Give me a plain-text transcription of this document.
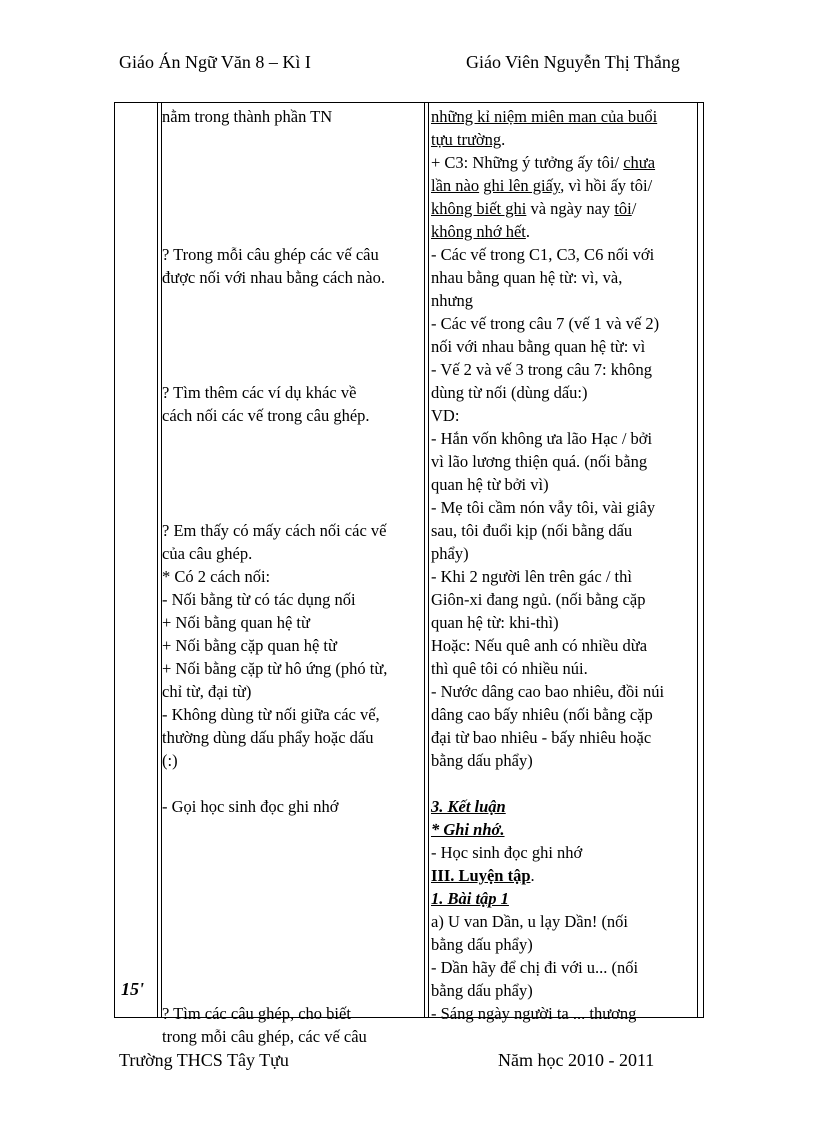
Giáo Án Ngữ Văn 8 – Kì I	Giáo Viên Nguyễn Thị Thắng
15'

nằm trong thành phần TN

? Trong mỗi câu ghép các vế câu

được nối với nhau bằng cách nào.

? Tìm thêm các ví dụ khác về

cách nối các vế trong câu ghép.

? Em thấy có mấy cách nối các vế

của câu ghép.

* Có 2 cách nối:

- Nối bằng từ có tác dụng nối

+ Nối bằng quan hệ từ

+ Nối bằng cặp quan hệ từ

+ Nối bằng cặp từ hô ứng (phó từ,

chỉ từ, đại từ)

- Không dùng từ nối giữa các vế,

thường dùng dấu phẩy hoặc dấu

(:)

- Gọi học sinh đọc ghi nhớ

? Tìm các câu ghép, cho biết

trong mỗi câu ghép, các vế câu

những kỉ niệm miên man của buổi

tựu trường.

+ C3: Những ý tưởng ấy tôi/ chưa

lần nào ghi lên giấy, vì hồi ấy tôi/

không biết ghi và ngày nay tôi/

không nhớ hết.

- Các vế trong C1, C3, C6 nối với

nhau bằng quan hệ từ: vì, và,

nhưng

- Các vế trong câu 7 (vế 1 và vế 2)

nối với nhau bằng quan hệ từ: vì

- Vế 2 và vế 3 trong câu 7: không

dùng từ nối (dùng dấu:)

VD:

- Hắn vốn không ưa lão Hạc / bởi

vì lão lương thiện quá. (nối bằng

quan hệ từ bởi vì)

- Mẹ tôi cầm nón vẫy tôi, vài giây

sau, tôi đuổi kịp (nối bằng dấu

phẩy)

- Khi 2 người lên trên gác / thì

Giôn-xi đang ngủ. (nối bằng cặp

quan hệ từ: khi-thì)

Hoặc: Nếu quê anh có nhiều dừa

thì quê tôi có nhiều núi.

- Nước dâng cao bao nhiêu, đồi núi

dâng cao bấy nhiêu (nối bằng cặp

đại từ bao nhiêu - bấy nhiêu hoặc

bằng dấu phẩy)

3. Kết luận

* Ghi nhớ.

- Học sinh đọc ghi nhớ

III. Luyện tập.

1. Bài tập 1

a) U van Dần, u lạy Dần! (nối

bằng dấu phẩy)

- Dần hãy để chị đi với u... (nối

bằng dấu phẩy)

- Sáng ngày người ta ... thương

Trường THCS Tây Tựu	Năm học 2010 - 2011
